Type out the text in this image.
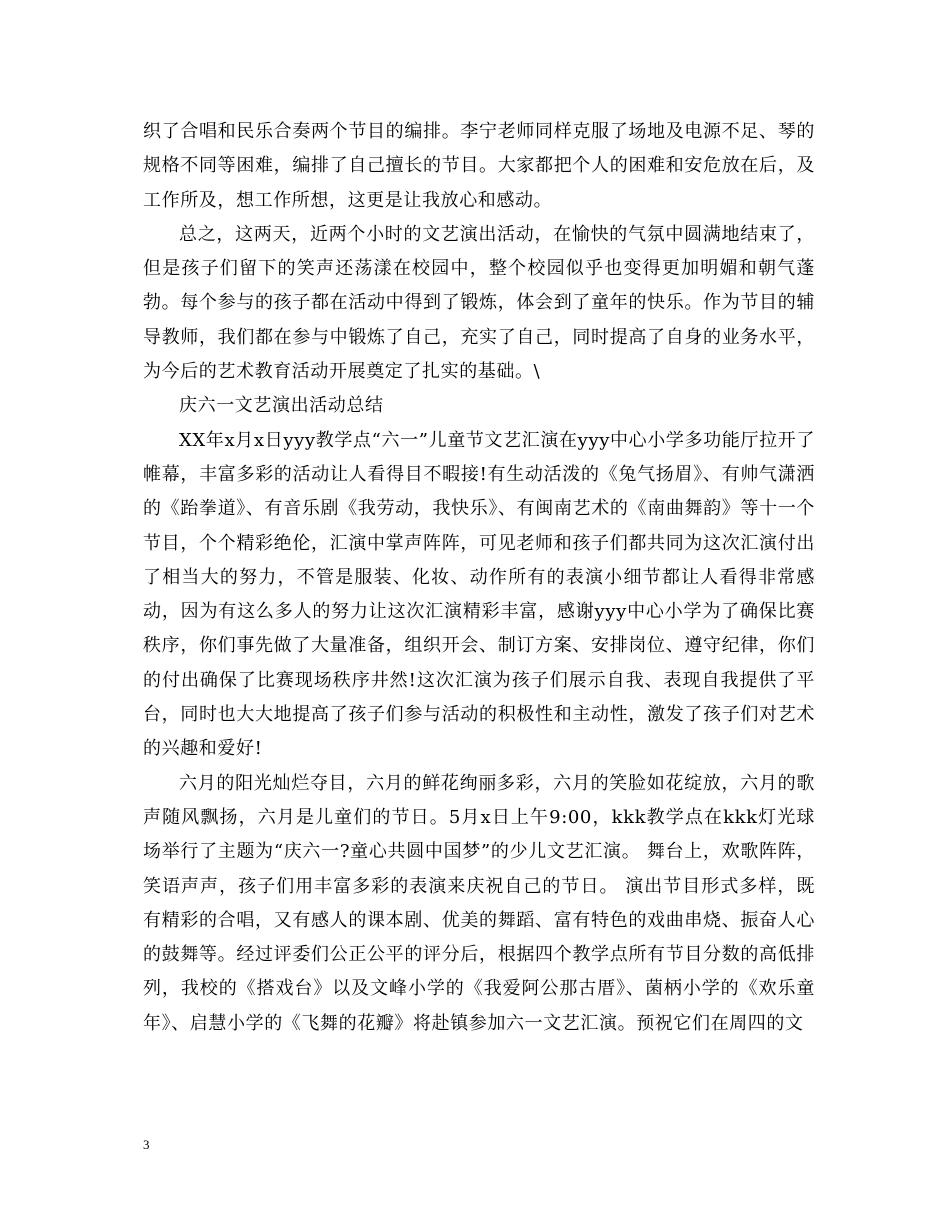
织了合唱和民乐合奏两个节目的编排。李宁老师同样克服了场地及电源不足、琴的规格不同等困难，编排了自己擅长的节目。大家都把个人的困难和安危放在后，及工作所及，想工作所想，这更是让我放心和感动。

总之，这两天，近两个小时的文艺演出活动，在愉快的气氛中圆满地结束了，但是孩子们留下的笑声还荡漾在校园中，整个校园似乎也变得更加明媚和朝气蓬勃。每个参与的孩子都在活动中得到了锻炼，体会到了童年的快乐。作为节目的辅导教师，我们都在参与中锻炼了自己，充实了自己，同时提高了自身的业务水平，为今后的艺术教育活动开展奠定了扎实的基础。\

庆六一文艺演出活动总结

XX年x月x日yyy教学点“六一”儿童节文艺汇演在yyy中心小学多功能厅拉开了帷幕，丰富多彩的活动让人看得目不暇接!有生动活泼的《兔气扬眉》、有帅气潇洒的《跆拳道》、有音乐剧《我劳动，我快乐》、有闽南艺术的《南曲舞韵》等十一个节目，个个精彩绝伦，汇演中掌声阵阵，可见老师和孩子们都共同为这次汇演付出了相当大的努力，不管是服装、化妆、动作所有的表演小细节都让人看得非常感动，因为有这么多人的努力让这次汇演精彩丰富，感谢yyy中心小学为了确保比赛秩序，你们事先做了大量准备，组织开会、制订方案、安排岗位、遵守纪律，你们的付出确保了比赛现场秩序井然!这次汇演为孩子们展示自我、表现自我提供了平台，同时也大大地提高了孩子们参与活动的积极性和主动性，激发了孩子们对艺术的兴趣和爱好!

六月的阳光灿烂夺目，六月的鲜花绚丽多彩，六月的笑脸如花绽放，六月的歌声随风飘扬，六月是儿童们的节日。5月x日上午9:00，kkk教学点在kkk灯光球场举行了主题为“庆六一?童心共圆中国梦”的少儿文艺汇演。 舞台上，欢歌阵阵，笑语声声，孩子们用丰富多彩的表演来庆祝自己的节日。 演出节目形式多样，既有精彩的合唱，又有感人的课本剧、优美的舞蹈、富有特色的戏曲串烧、振奋人心的鼓舞等。经过评委们公正公平的评分后，根据四个教学点所有节目分数的高低排列，我校的《搭戏台》以及文峰小学的《我爱阿公那古厝》、菌柄小学的《欢乐童年》、启慧小学的《飞舞的花瓣》将赴镇参加六一文艺汇演。预祝它们在周四的文

3
